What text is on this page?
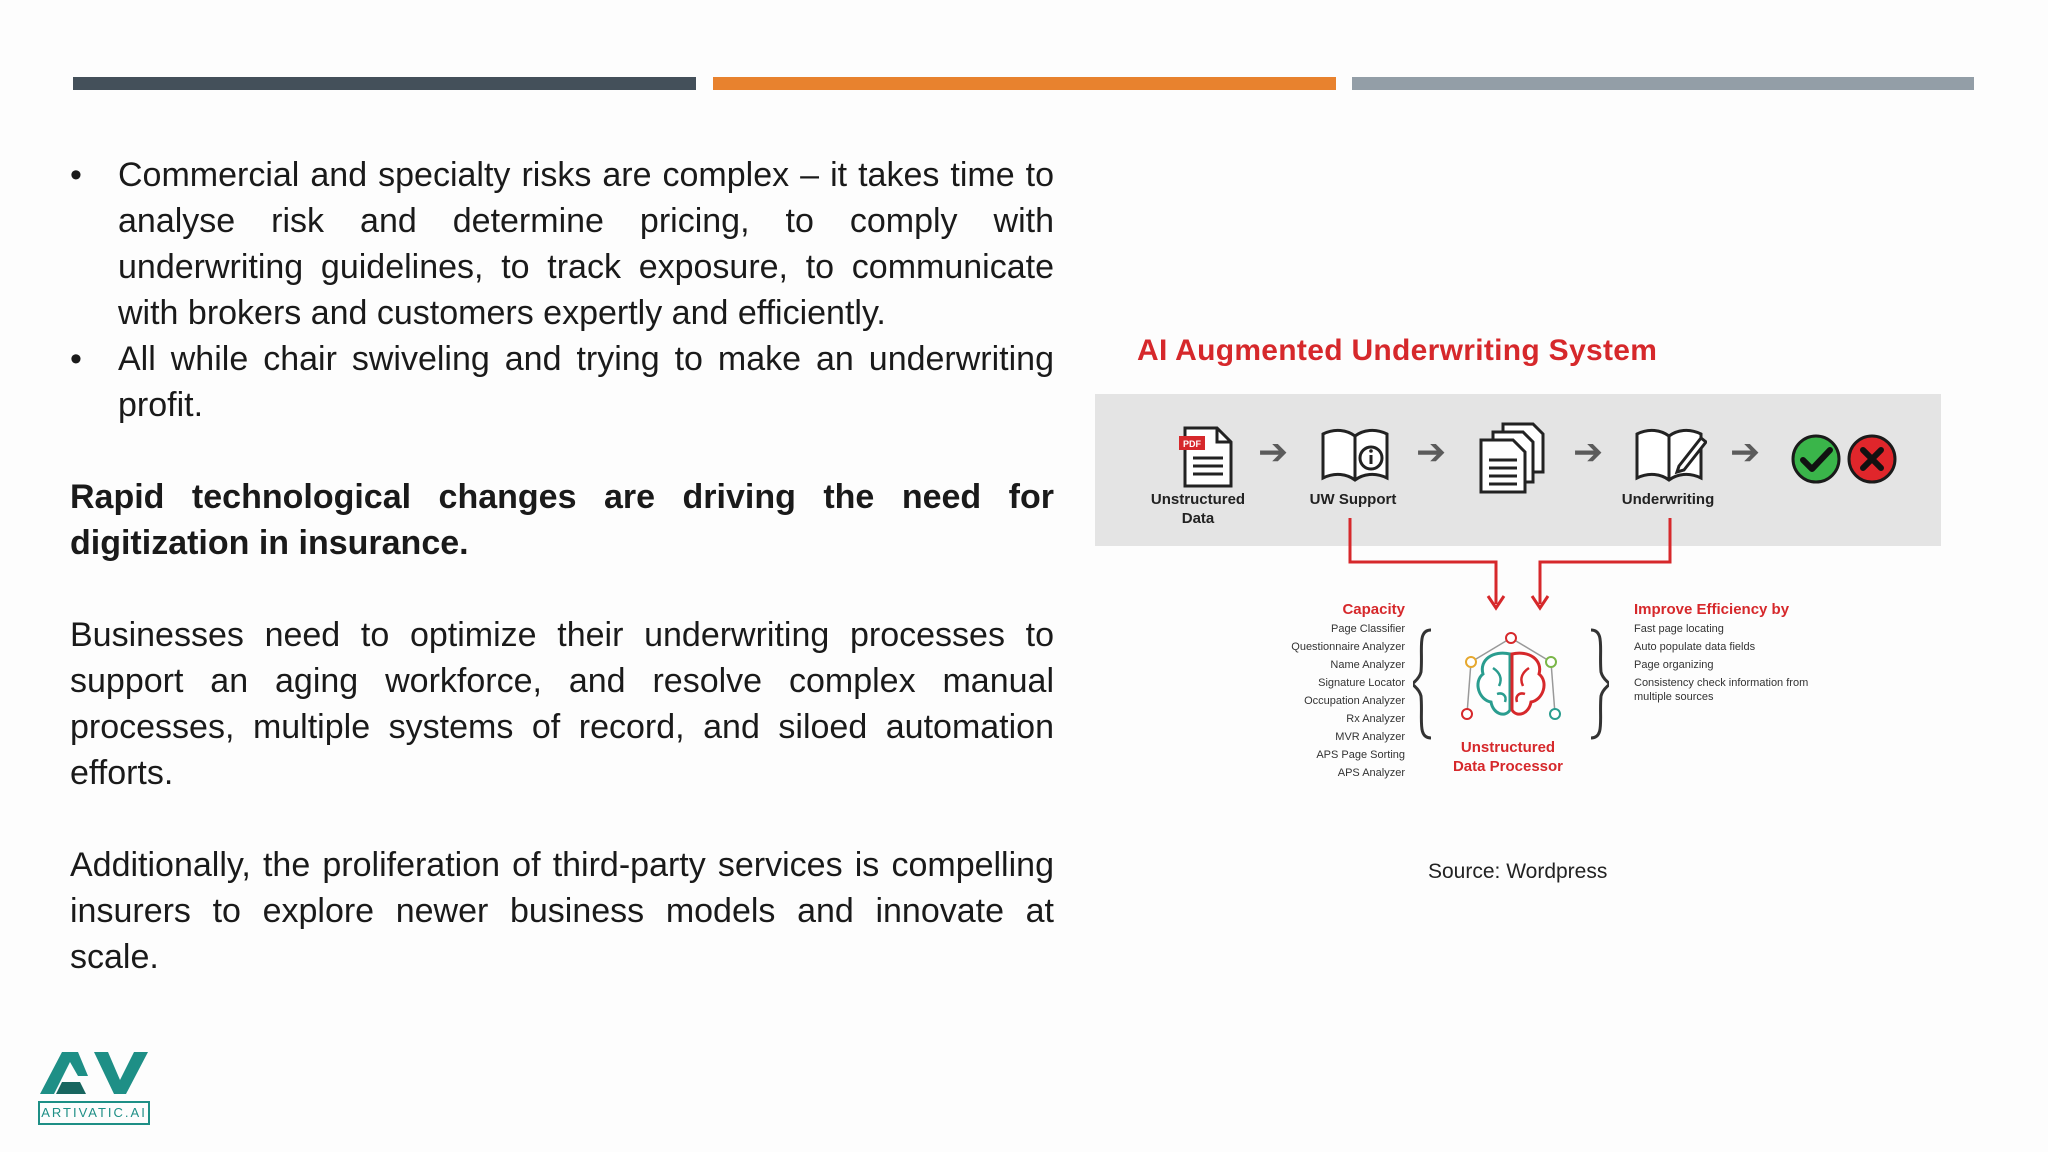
• Commercial and specialty risks are complex – it takes time to analyse risk and determine pricing, to comply with underwriting guidelines, to track exposure, to communicate with brokers and customers expertly and efficiently.
• All while chair swiveling and trying to make an underwriting profit.

Rapid technological changes are driving the need for digitization in insurance.

Businesses need to optimize their underwriting processes to support an aging workforce, and resolve complex manual processes, multiple systems of record, and siloed automation efforts.

Additionally, the proliferation of third-party services is compelling insurers to explore newer business models and innovate at scale.

AI Augmented Underwriting System
PDF
Unstructured
Data
➔
UW Support
➔	➔
Underwriting
➔
Capacity
Page Classifier
Questionnaire Analyzer
Name Analyzer
Signature Locator
Occupation Analyzer
Rx Analyzer
MVR Analyzer
APS Page Sorting
APS Analyzer
Unstructured Data Processor
Improve Efficiency by
Fast page locating
Auto populate data fields
Page organizing
Consistency check information from multiple sources
Source: Wordpress
ARTIVATIC.AI
